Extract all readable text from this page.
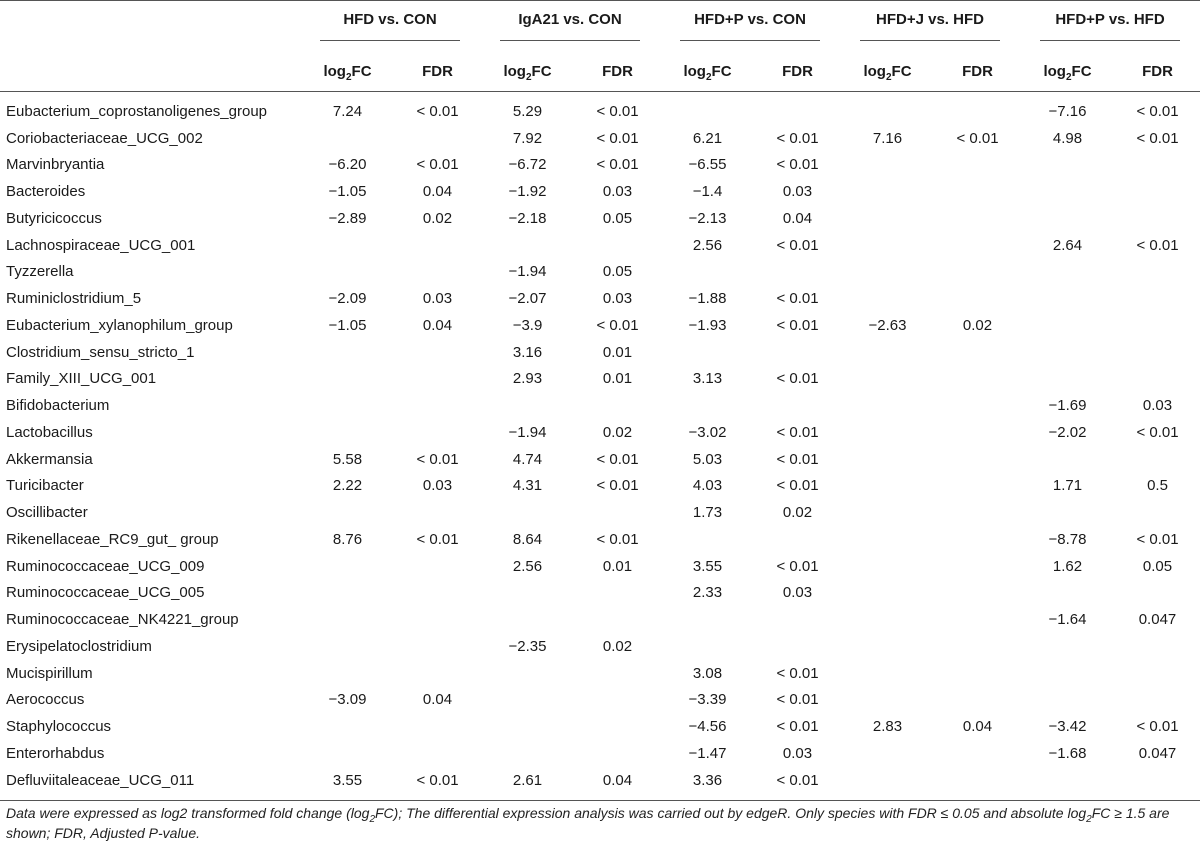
	HFD vs. CON		IgA21 vs. CON		HFD+P vs. CON		HFD+J vs. HFD		HFD+P vs. HFD	

	$\log_2FC$	FDR	$\log_2FC$	FDR	$\log_2FC$	FDR	$\log_2FC$	FDR	$\log_2FC$	FDR
Eubacterium_coprostanoligenes_group	7.24	< 0.01	5.29	< 0.01					−7.16	< 0.01
Coriobacteriaceae_UCG_002			7.92	< 0.01	6.21	< 0.01	7.16	< 0.01	4.98	< 0.01
Marvinbryantia	−6.20	< 0.01	−6.72	< 0.01	−6.55	< 0.01				
Bacteroides	−1.05	0.04	−1.92	0.03	−1.4	0.03				
Butyricicoccus	−2.89	0.02	−2.18	0.05	−2.13	0.04				
Lachnospiraceae_UCG_001					2.56	< 0.01			2.64	< 0.01
Tyzzerella			−1.94	0.05						
Ruminiclostridium_5	−2.09	0.03	−2.07	0.03	−1.88	< 0.01				
Eubacterium_xylanophilum_group	−1.05	0.04	−3.9	< 0.01	−1.93	< 0.01	−2.63	0.02		
Clostridium_sensu_stricto_1			3.16	0.01						
Family_XIII_UCG_001			2.93	0.01	3.13	< 0.01				
Bifidobacterium									−1.69	0.03
Lactobacillus			−1.94	0.02	−3.02	< 0.01			−2.02	< 0.01
Akkermansia	5.58	< 0.01	4.74	< 0.01	5.03	< 0.01				
Turicibacter	2.22	0.03	4.31	< 0.01	4.03	< 0.01			1.71	0.5
Oscillibacter					1.73	0.02				
Rikenellaceae_RC9_gut_ group	8.76	< 0.01	8.64	< 0.01					−8.78	< 0.01
Ruminococcaceae_UCG_009			2.56	0.01	3.55	< 0.01			1.62	0.05
Ruminococcaceae_UCG_005					2.33	0.03				
Ruminococcaceae_NK4221_group									−1.64	0.047
Erysipelatoclostridium			−2.35	0.02						
Mucispirillum					3.08	< 0.01				
Aerococcus	−3.09	0.04			−3.39	< 0.01				
Staphylococcus					−4.56	< 0.01	2.83	0.04	−3.42	< 0.01
Enterorhabdus					−1.47	0.03			−1.68	0.047
Defluviitaleaceae_UCG_011	3.55	< 0.01	2.61	0.04	3.36	< 0.01				
Data were expressed as log2 transformed fold change $(\log_2FC)$; The differential expression analysis was carried out by edgeR. Only species with FDR ≤ 0.05 and absolute $\log_2FC \ge 1.5$ are shown; FDR, Adjusted P-value.
